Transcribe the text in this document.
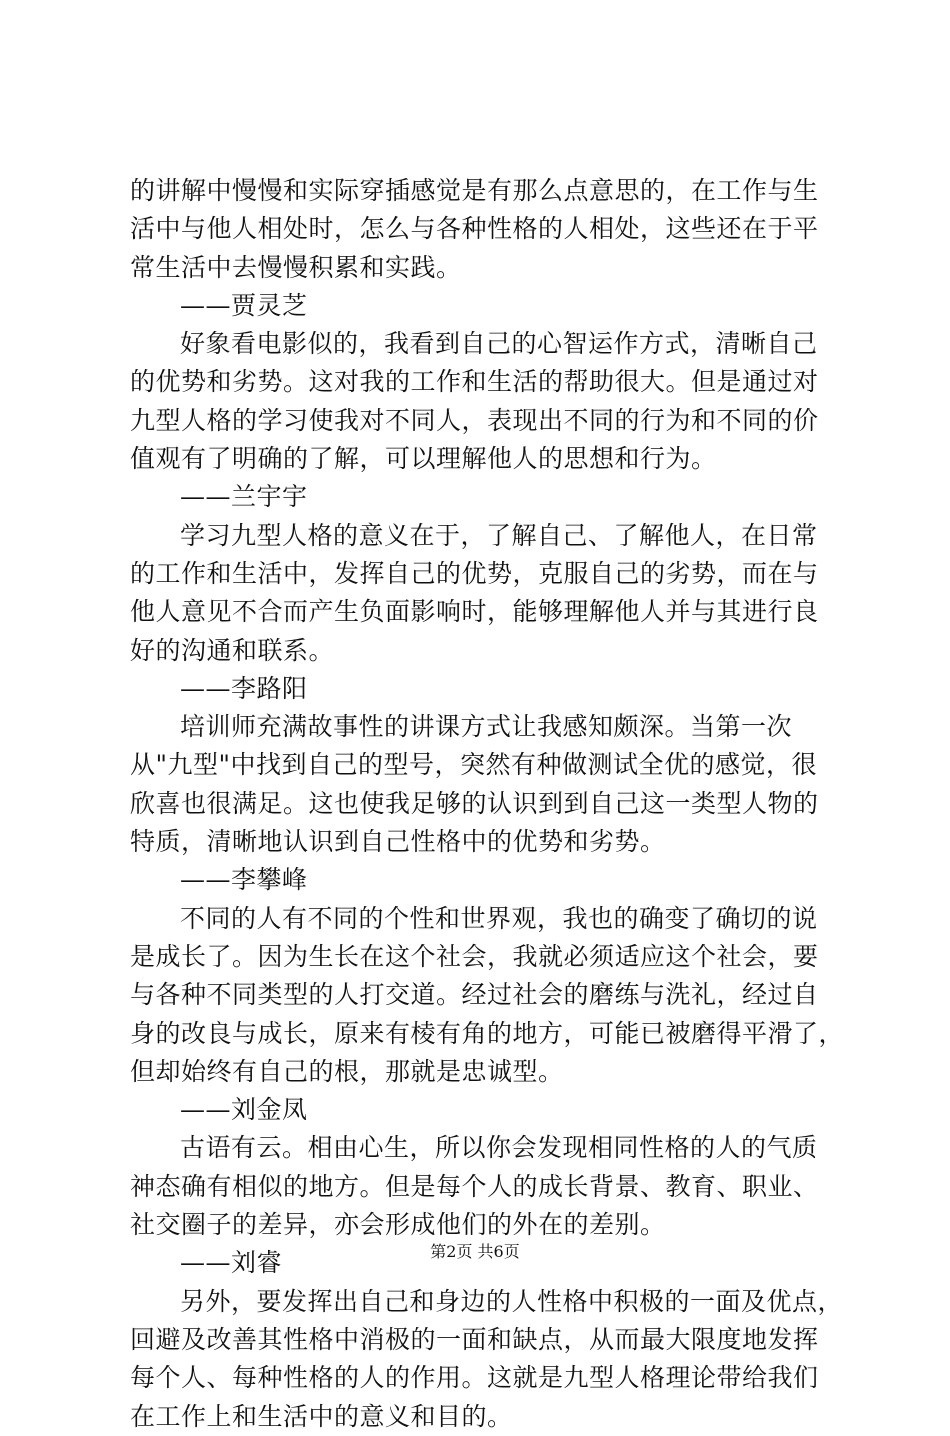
的讲解中慢慢和实际穿插感觉是有那么点意思的，在工作与生
活中与他人相处时，怎么与各种性格的人相处，这些还在于平
常生活中去慢慢积累和实践。
——贾灵芝
好象看电影似的，我看到自己的心智运作方式，清晰自己
的优势和劣势。这对我的工作和生活的帮助很大。但是通过对
九型人格的学习使我对不同人，表现出不同的行为和不同的价
值观有了明确的了解，可以理解他人的思想和行为。
——兰宇宇
学习九型人格的意义在于，了解自己、了解他人，在日常
的工作和生活中，发挥自己的优势，克服自己的劣势，而在与
他人意见不合而产生负面影响时，能够理解他人并与其进行良
好的沟通和联系。
——李路阳
培训师充满故事性的讲课方式让我感知颇深。当第一次
从"九型"中找到自己的型号，突然有种做测试全优的感觉，很
欣喜也很满足。这也使我足够的认识到到自己这一类型人物的
特质，清晰地认识到自己性格中的优势和劣势。
——李攀峰
不同的人有不同的个性和世界观，我也的确变了确切的说
是成长了。因为生长在这个社会，我就必须适应这个社会，要
与各种不同类型的人打交道。经过社会的磨练与洗礼，经过自
身的改良与成长，原来有棱有角的地方，可能已被磨得平滑了，
但却始终有自己的根，那就是忠诚型。
——刘金凤
古语有云。相由心生，所以你会发现相同性格的人的气质
神态确有相似的地方。但是每个人的成长背景、教育、职业、
社交圈子的差异，亦会形成他们的外在的差别。
——刘睿
另外，要发挥出自己和身边的人性格中积极的一面及优点，
回避及改善其性格中消极的一面和缺点，从而最大限度地发挥
每个人、每种性格的人的作用。这就是九型人格理论带给我们
在工作上和生活中的意义和目的。
第2页 共6页
